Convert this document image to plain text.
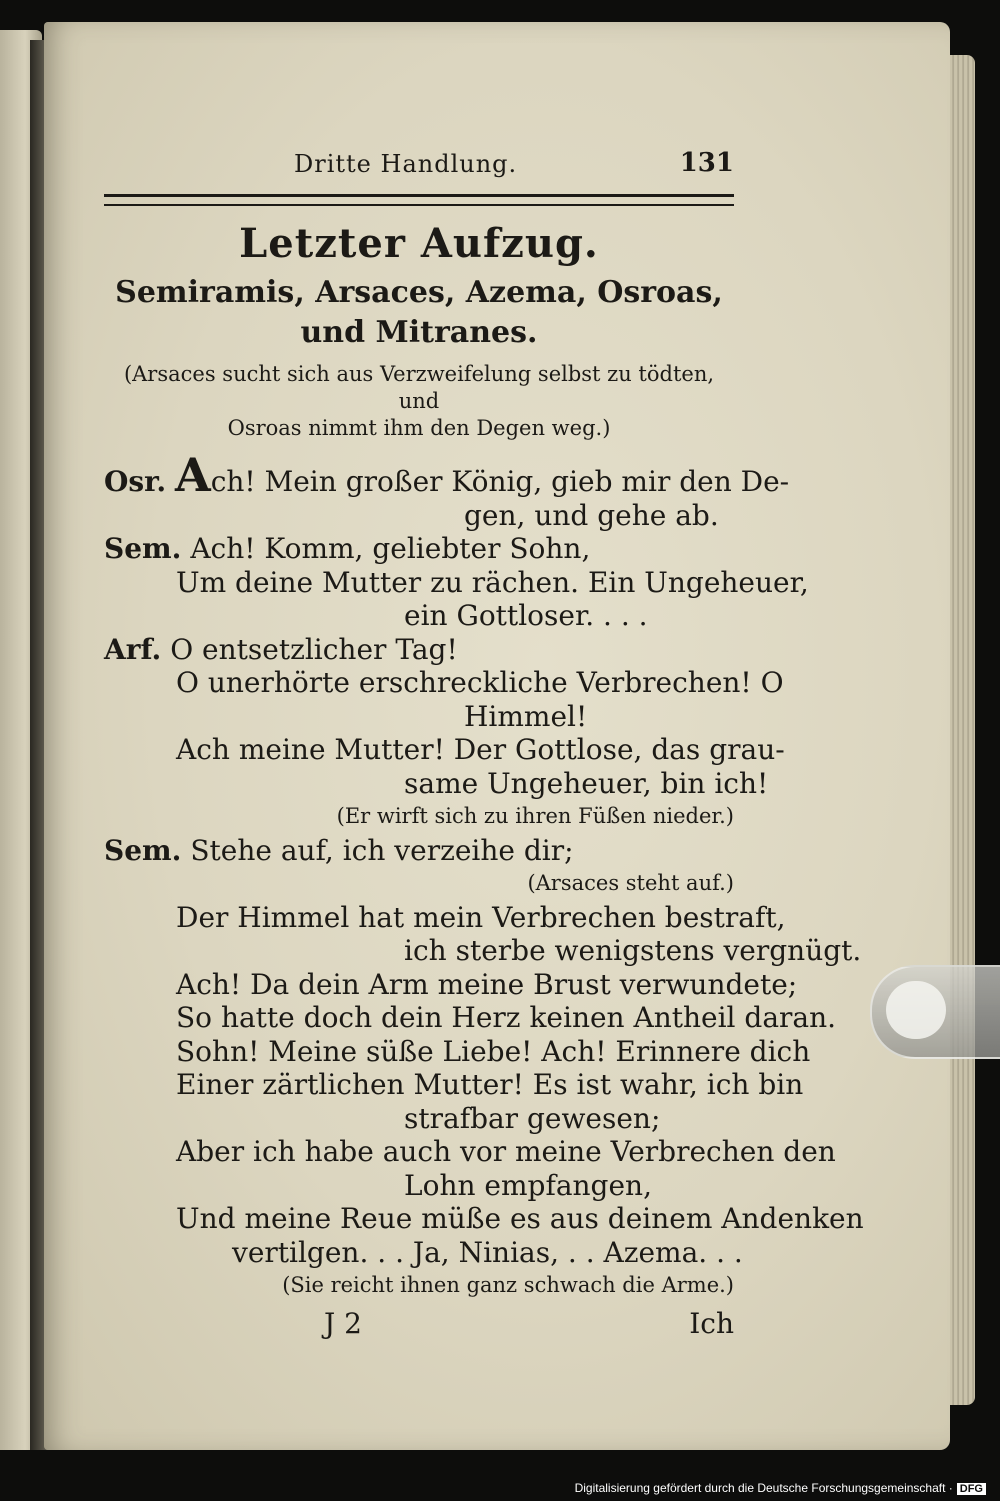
Dritte Handlung.	131
Letzter Aufzug.
Semiramis, Arsaces, Azema, Osroas,
und Mitranes.
(Arsaces sucht sich aus Verzweifelung selbst zu tödten, und
Osroas nimmt ihm den Degen weg.)
Osr. Ach! Mein großer König, gieb mir den De-
gen, und gehe ab.
Sem. Ach! Komm, geliebter Sohn,
Um deine Mutter zu rächen. Ein Ungeheuer,
ein Gottloser. . . .
Arf. O entsetzlicher Tag!
O unerhörte erschreckliche Verbrechen! O
Himmel!
Ach meine Mutter! Der Gottlose, das grau-
same Ungeheuer, bin ich!
(Er wirft sich zu ihren Füßen nieder.)
Sem. Stehe auf, ich verzeihe dir;
(Arsaces steht auf.)
Der Himmel hat mein Verbrechen bestraft,
ich sterbe wenigstens vergnügt.
Ach! Da dein Arm meine Brust verwundete;
So hatte doch dein Herz keinen Antheil daran.
Sohn! Meine süße Liebe! Ach! Erinnere dich
Einer zärtlichen Mutter! Es ist wahr, ich bin
strafbar gewesen;
Aber ich habe auch vor meine Verbrechen den
Lohn empfangen,
Und meine Reue müße es aus deinem Andenken
vertilgen. . . Ja, Ninias, . . Azema. . .
(Sie reicht ihnen ganz schwach die Arme.)
J 2	Ich
Digitalisierung gefördert durch die Deutsche Forschungsgemeinschaft · DFG
